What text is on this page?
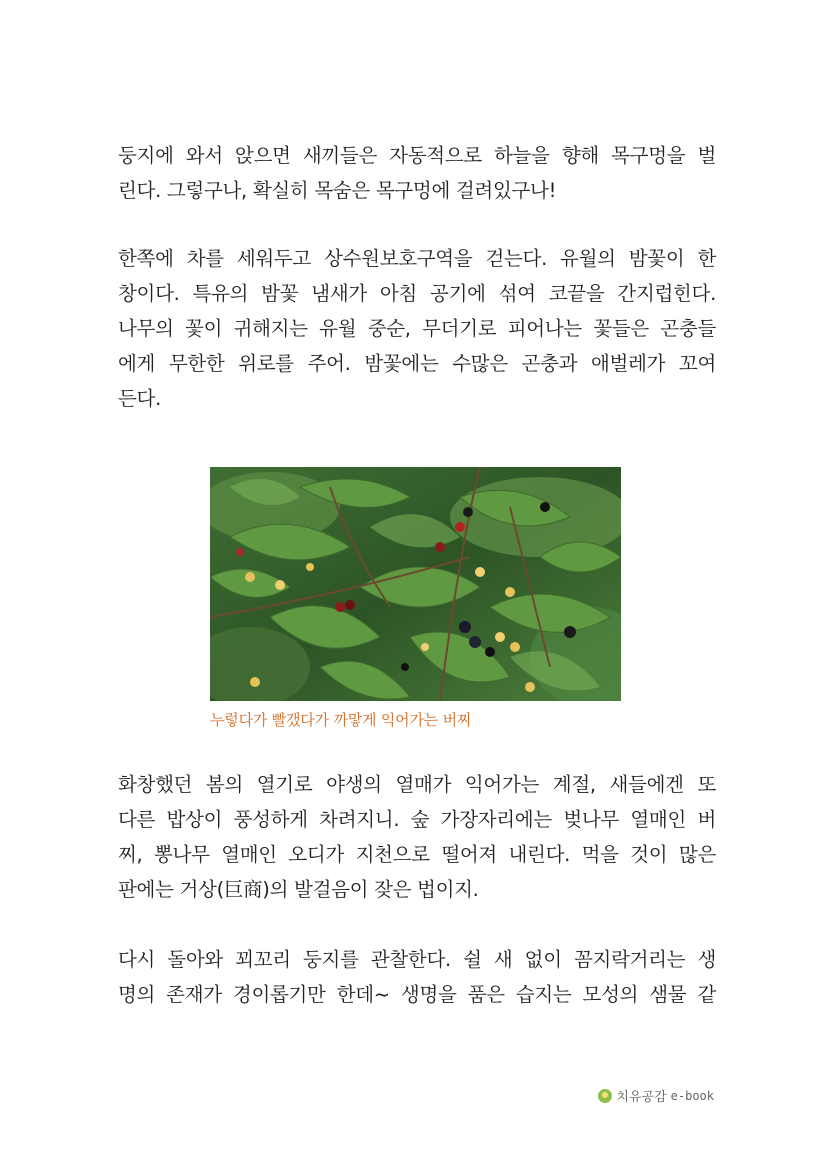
둥지에 와서 앉으면 새끼들은 자동적으로 하늘을 향해 목구멍을 벌
린다. 그렇구나, 확실히 목숨은 목구멍에 걸려있구나!
한쪽에 차를 세워두고 상수원보호구역을 걷는다. 유월의 밤꽃이 한
창이다. 특유의 밤꽃 냄새가 아침 공기에 섞여 코끝을 간지럽힌다.
나무의 꽃이 귀해지는 유월 중순, 무더기로 피어나는 꽃들은 곤충들
에게 무한한 위로를 주어. 밤꽃에는 수많은 곤충과 애벌레가 꼬여
든다.
누렇다가 빨갰다가 까맣게 익어가는 버찌
화창했던 봄의 열기로 야생의 열매가 익어가는 계절, 새들에겐 또
다른 밥상이 풍성하게 차려지니. 숲 가장자리에는 벚나무 열매인 버
찌, 뽕나무 열매인 오디가 지천으로 떨어져 내린다. 먹을 것이 많은
판에는 거상(巨商)의 발걸음이 잦은 법이지.
다시 돌아와 꾀꼬리 둥지를 관찰한다. 쉴 새 없이 꼼지락거리는 생
명의 존재가 경이롭기만 한데~ 생명을 품은 습지는 모성의 샘물 같
치유공감 e-book
